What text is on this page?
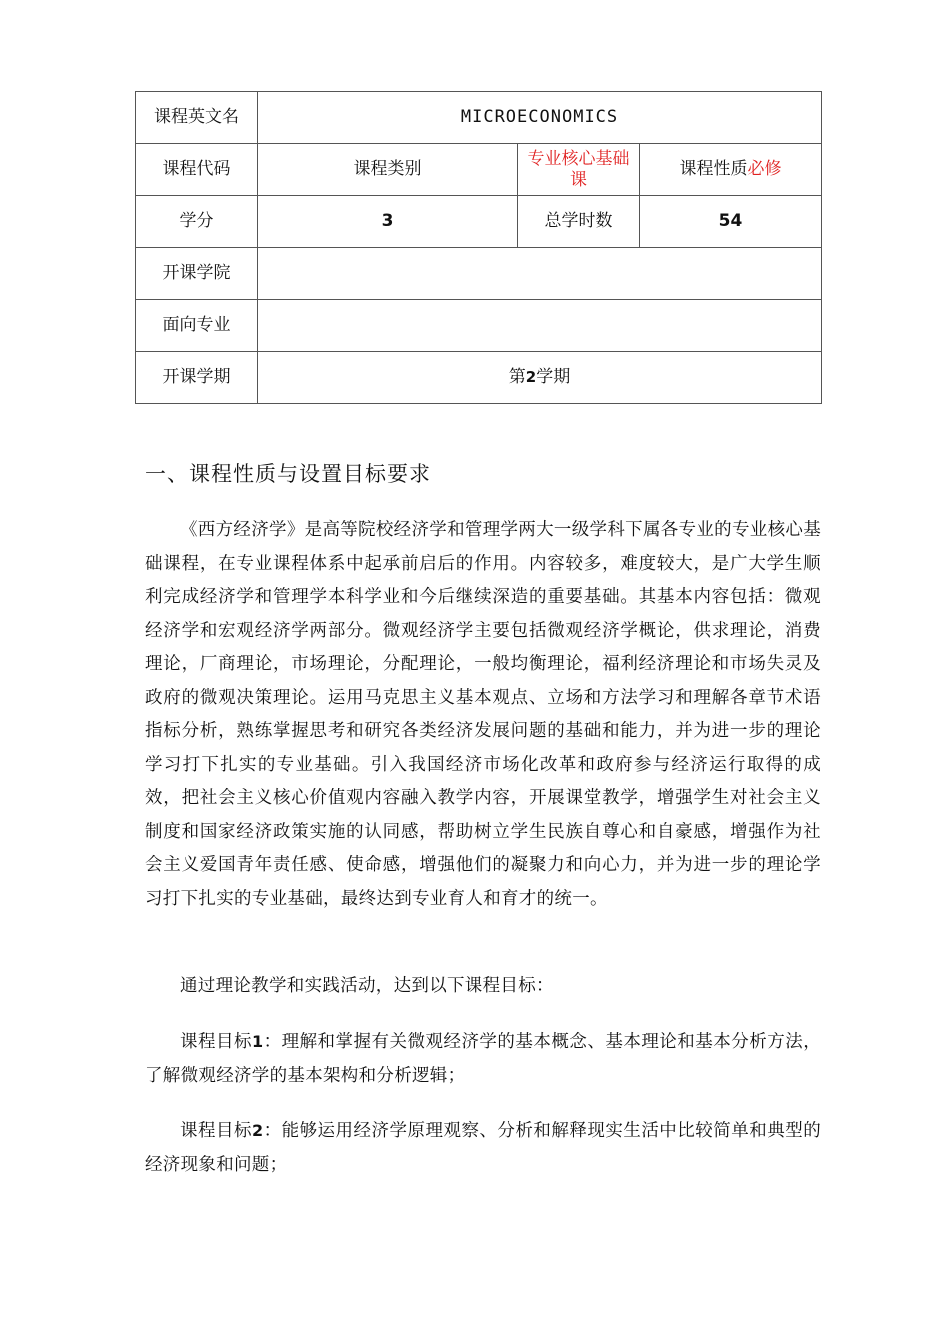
课程英文名	MICROECONOMICS		
课程代码	课程类别	专业核心基础课	课程性质必修
学分	3	总学时数	54
开课学院			
面向专业			
开课学期	第2学期		
一、课程性质与设置目标要求

《西方经济学》是高等院校经济学和管理学两大一级学科下属各专业的专业核心基础课程，在专业课程体系中起承前启后的作用。内容较多，难度较大，是广大学生顺利完成经济学和管理学本科学业和今后继续深造的重要基础。其基本内容包括：微观经济学和宏观经济学两部分。微观经济学主要包括微观经济学概论，供求理论，消费理论，厂商理论，市场理论，分配理论，一般均衡理论，福利经济理论和市场失灵及政府的微观决策理论。运用马克思主义基本观点、立场和方法学习和理解各章节术语指标分析，熟练掌握思考和研究各类经济发展问题的基础和能力，并为进一步的理论学习打下扎实的专业基础。引入我国经济市场化改革和政府参与经济运行取得的成效，把社会主义核心价值观内容融入教学内容，开展课堂教学，增强学生对社会主义制度和国家经济政策实施的认同感，帮助树立学生民族自尊心和自豪感，增强作为社会主义爱国青年责任感、使命感，增强他们的凝聚力和向心力，并为进一步的理论学习打下扎实的专业基础，最终达到专业育人和育才的统一。

通过理论教学和实践活动，达到以下课程目标：

课程目标1：理解和掌握有关微观经济学的基本概念、基本理论和基本分析方法，了解微观经济学的基本架构和分析逻辑；

课程目标2：能够运用经济学原理观察、分析和解释现实生活中比较简单和典型的经济现象和问题；
